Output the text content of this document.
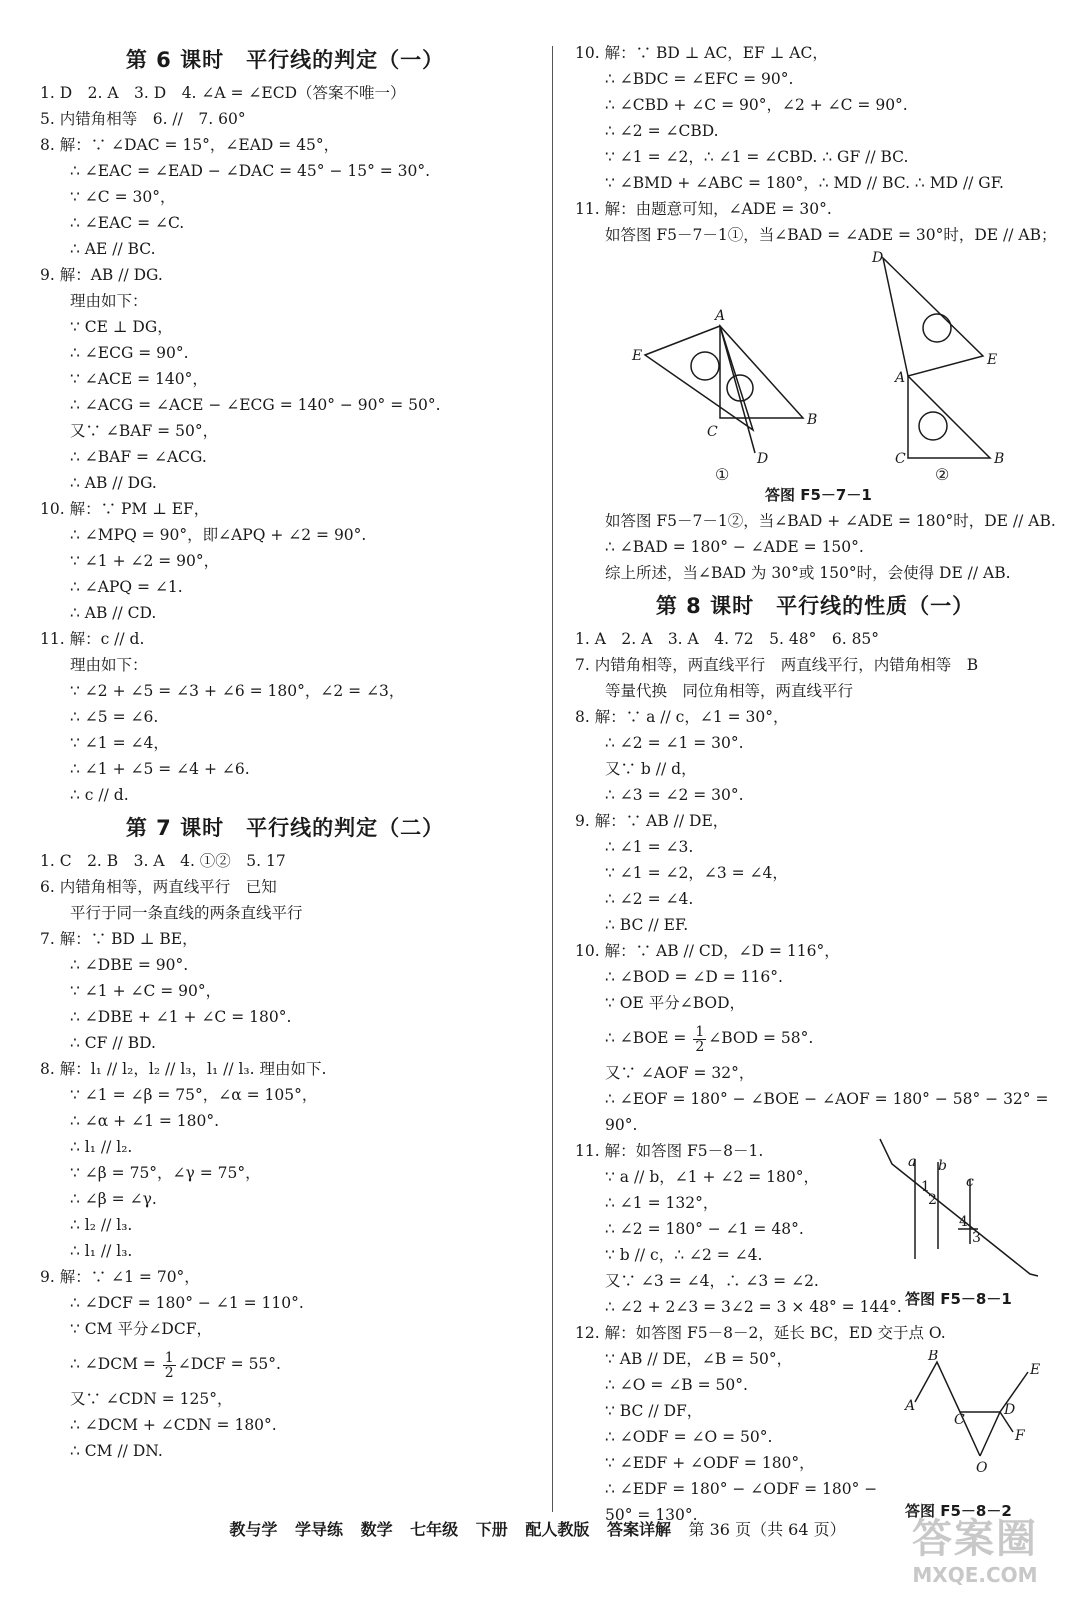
第 6 课时　平行线的判定（一）
1. D　2. A　3. D　4. ∠A = ∠ECD（答案不唯一）
5. 内错角相等　6. //　7. 60°
8. 解：∵ ∠DAC = 15°，∠EAD = 45°，
∴ ∠EAC = ∠EAD − ∠DAC = 45° − 15° = 30°.
∵ ∠C = 30°，
∴ ∠EAC = ∠C.
∴ AE // BC.
9. 解：AB // DG.
理由如下：
∵ CE ⊥ DG，
∴ ∠ECG = 90°.
∵ ∠ACE = 140°，
∴ ∠ACG = ∠ACE − ∠ECG = 140° − 90° = 50°.
又∵ ∠BAF = 50°，
∴ ∠BAF = ∠ACG.
∴ AB // DG.
10. 解：∵ PM ⊥ EF，
∴ ∠MPQ = 90°，即∠APQ + ∠2 = 90°.
∵ ∠1 + ∠2 = 90°，
∴ ∠APQ = ∠1.
∴ AB // CD.
11. 解：c // d.
理由如下：
∵ ∠2 + ∠5 = ∠3 + ∠6 = 180°，∠2 = ∠3，
∴ ∠5 = ∠6.
∵ ∠1 = ∠4，
∴ ∠1 + ∠5 = ∠4 + ∠6.
∴ c // d.
第 7 课时　平行线的判定（二）
1. C　2. B　3. A　4. ①②　5. 17
6. 内错角相等，两直线平行　已知
平行于同一条直线的两条直线平行
7. 解：∵ BD ⊥ BE，
∴ ∠DBE = 90°.
∵ ∠1 + ∠C = 90°，
∴ ∠DBE + ∠1 + ∠C = 180°.
∴ CF // BD.
8. 解：l₁ // l₂，l₂ // l₃，l₁ // l₃. 理由如下.
∵ ∠1 = ∠β = 75°，∠α = 105°，
∴ ∠α + ∠1 = 180°.
∴ l₁ // l₂.
∵ ∠β = 75°，∠γ = 75°，
∴ ∠β = ∠γ.
∴ l₂ // l₃.
∴ l₁ // l₃.
9. 解：∵ ∠1 = 70°，
∴ ∠DCF = 180° − ∠1 = 110°.
∵ CM 平分∠DCF，
∴ ∠DCM = $\frac{1}{2}$ ∠DCF = 55°.
又∵ ∠CDN = 125°，
∴ ∠DCM + ∠CDN = 180°.
∴ CM // DN.
10. 解：∵ BD ⊥ AC，EF ⊥ AC，
∴ ∠BDC = ∠EFC = 90°.
∴ ∠CBD + ∠C = 90°，∠2 + ∠C = 90°.
∴ ∠2 = ∠CBD.
∵ ∠1 = ∠2，∴ ∠1 = ∠CBD. ∴ GF // BC.
∵ ∠BMD + ∠ABC = 180°，∴ MD // BC. ∴ MD // GF.
11. 解：由题意可知，∠ADE = 30°.
如答图 F5－7－1①，当∠BAD = ∠ADE = 30°时，DE // AB；
E
A
C
D
B
D
E
A
C	B
①	②
答图 F5－7－1
如答图 F5－7－1②，当∠BAD + ∠ADE = 180°时，DE // AB.
∴ ∠BAD = 180° − ∠ADE = 150°.
综上所述，当∠BAD 为 30°或 150°时，会使得 DE // AB.
第 8 课时　平行线的性质（一）
1. A　2. A　3. A　4. 72　5. 48°　6. 85°
7. 内错角相等，两直线平行　两直线平行，内错角相等　B
等量代换　同位角相等，两直线平行
8. 解：∵ a // c，∠1 = 30°，
∴ ∠2 = ∠1 = 30°.
又∵ b // d，
∴ ∠3 = ∠2 = 30°.
9. 解：∵ AB // DE，
∴ ∠1 = ∠3.
∵ ∠1 = ∠2，∠3 = ∠4，
∴ ∠2 = ∠4.
∴ BC // EF.
10. 解：∵ AB // CD，∠D = 116°，
∴ ∠BOD = ∠D = 116°.
∵ OE 平分∠BOD，
∴ ∠BOE = $\frac{1}{2}$ ∠BOD = 58°.
又∵ ∠AOF = 32°，
∴ ∠EOF = 180° − ∠BOE − ∠AOF = 180° − 58° − 32° =
90°.
11. 解：如答图 F5－8－1.
∵ a // b，∠1 + ∠2 = 180°，
∴ ∠1 = 132°，
∴ ∠2 = 180° − ∠1 = 48°.
∵ b // c，∴ ∠2 = ∠4.
又∵ ∠3 = ∠4，∴ ∠3 = ∠2.
∴ ∠2 + 2∠3 = 3∠2 = 3 × 48° = 144°.
a b
c
1
2
4
3
答图 F5－8－1
12. 解：如答图 F5－8－2，延长 BC，ED 交于点 O.
∵ AB // DE，∠B = 50°，
∴ ∠O = ∠B = 50°.
∵ BC // DF，
∴ ∠ODF = ∠O = 50°.
∵ ∠EDF + ∠ODF = 180°，
∴ ∠EDF = 180° − ∠ODF = 180° −
50° = 130°.
B
E
A
C
D
F
O
答图 F5－8－2
教与学 学导练 数学 七年级 下册 配人教版 答案详解 第 36 页（共 64 页）	答案圈
MXQE.COM
